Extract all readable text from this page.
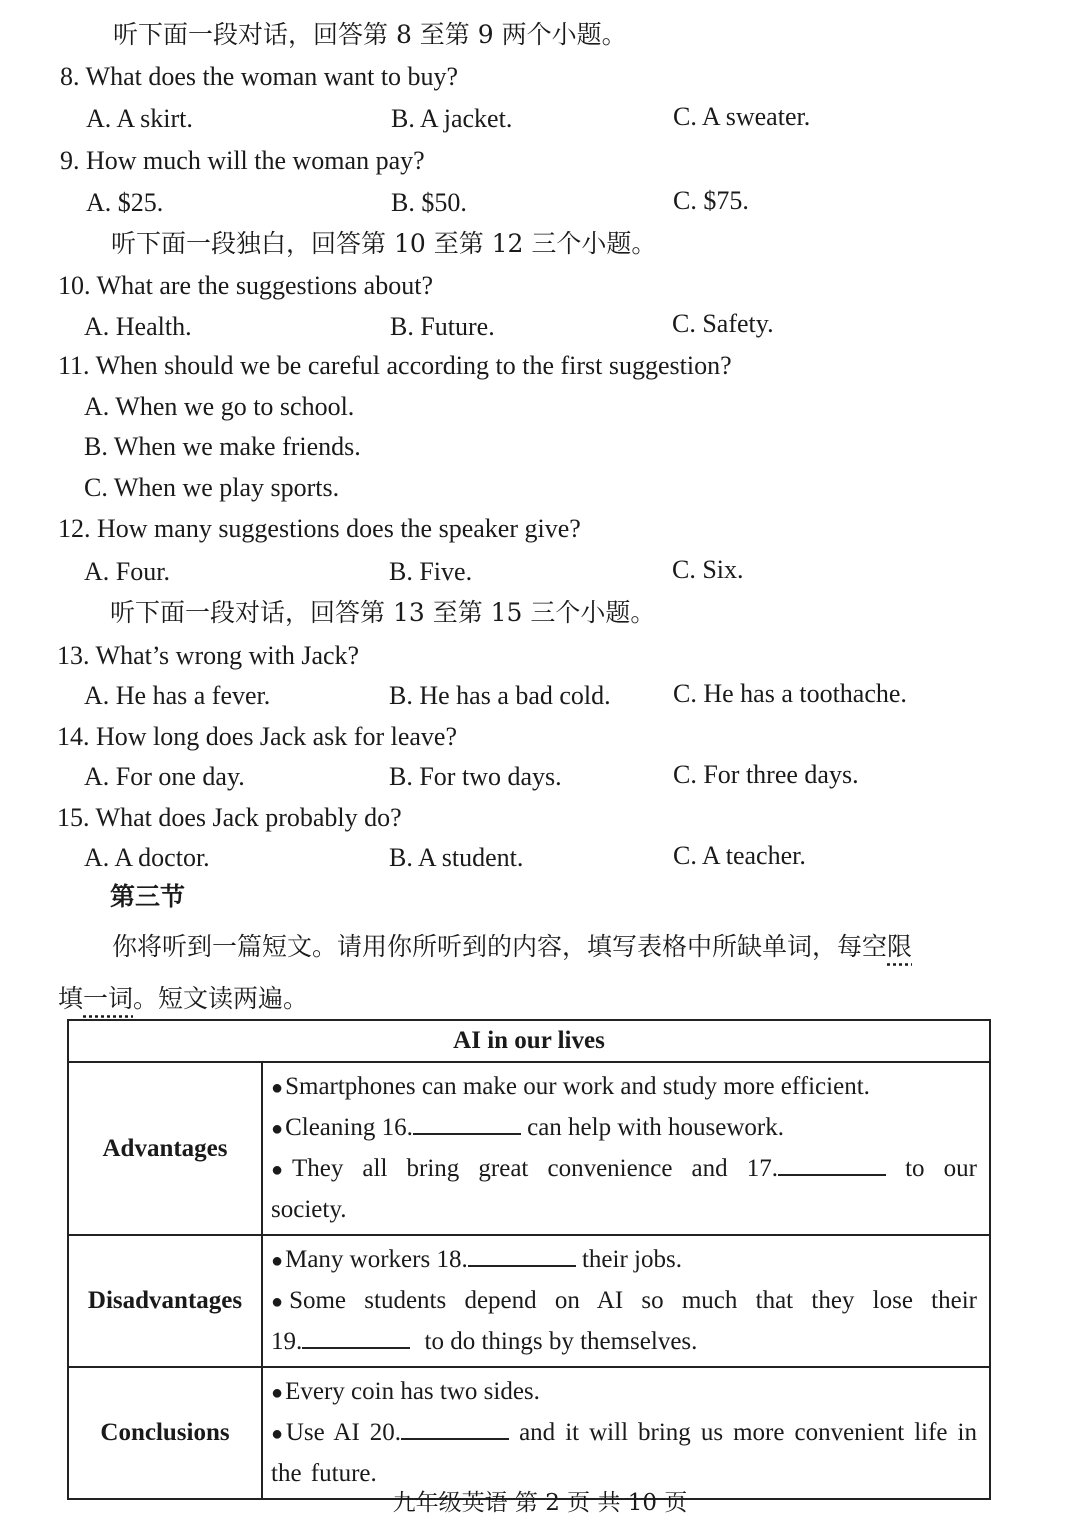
听下面一段对话，回答第 8 至第 9 两个小题。
8. What does the woman want to buy?
A. A skirt.	B. A jacket.	C. A sweater.
9. How much will the woman pay?
A. $25.	B. $50.	C. $75.
听下面一段独白，回答第 10 至第 12 三个小题。
10. What are the suggestions about?
A. Health.	B. Future.	C. Safety.
11. When should we be careful according to the first suggestion?
A. When we go to school.
B. When we make friends.
C. When we play sports.
12. How many suggestions does the speaker give?
A. Four.	B. Five.	C. Six.
听下面一段对话，回答第 13 至第 15 三个小题。
13. What’s wrong with Jack?
A. He has a fever.	B. He has a bad cold. C. He has a toothache.
14. How long does Jack ask for leave?
A. For one day.	B. For two days.	C. For three days.
15. What does Jack probably do?
A. A doctor.	B. A student.	C. A teacher.
第三节
你将听到一篇短文。请用你所听到的内容，填写表格中所缺单词，每空限
填一词。短文读两遍。
AI in our lives	
Advantages	●Smartphones can make our work and study more efficient.
●Cleaning 16. can help with housework.
●They all bring great convenience and 17. to our society.

Disadvantages	●Many workers 18. their jobs.
●Some students depend on AI so much that they lose their 19. to do things by themselves.

Conclusions	●Every coin has two sides.
●Use AI 20. and it will bring us more convenient life in the future.
九年级英语 第 2 页 共 10 页
